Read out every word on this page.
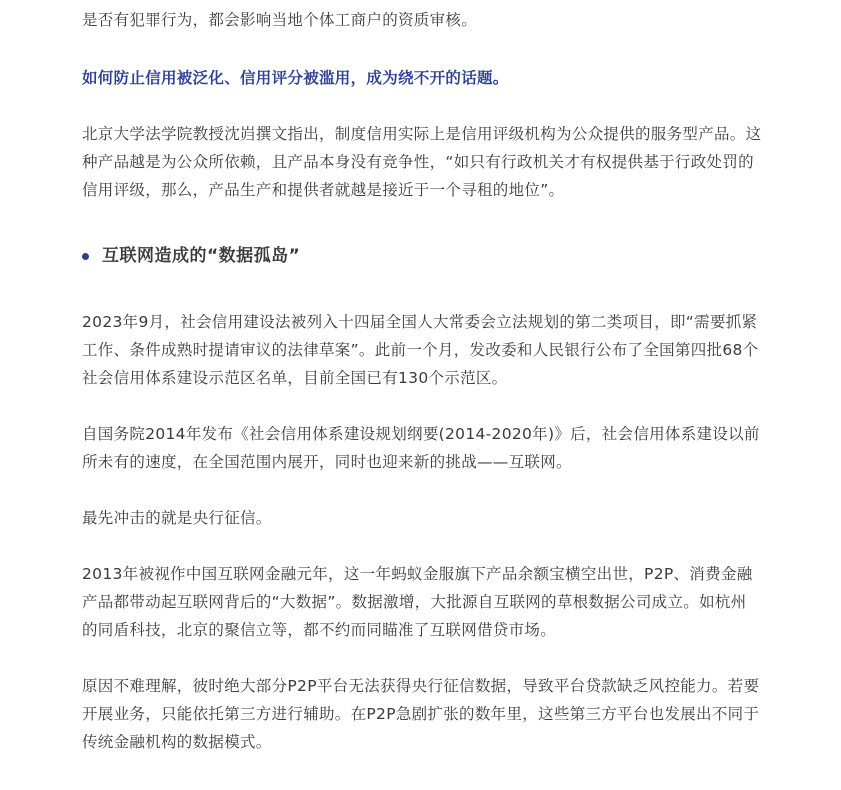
是否有犯罪行为，都会影响当地个体工商户的资质审核。

如何防止信用被泛化、信用评分被滥用，成为绕不开的话题。

北京大学法学院教授沈岿撰文指出，制度信用实际上是信用评级机构为公众提供的服务型产品。这种产品越是为公众所依赖，且产品本身没有竞争性，“如只有行政机关才有权提供基于行政处罚的信用评级，那么，产品生产和提供者就越是接近于一个寻租的地位”。

互联网造成的“数据孤岛”

2023年9月，社会信用建设法被列入十四届全国人大常委会立法规划的第二类项目，即“需要抓紧工作、条件成熟时提请审议的法律草案”。此前一个月，发改委和人民银行公布了全国第四批68个社会信用体系建设示范区名单，目前全国已有130个示范区。

自国务院2014年发布《社会信用体系建设规划纲要(2014-2020年)》后，社会信用体系建设以前所未有的速度，在全国范围内展开，同时也迎来新的挑战——互联网。

最先冲击的就是央行征信。

2013年被视作中国互联网金融元年，这一年蚂蚁金服旗下产品余额宝横空出世，P2P、消费金融产品都带动起互联网背后的“大数据”。数据激增，大批源自互联网的草根数据公司成立。如杭州的同盾科技，北京的聚信立等，都不约而同瞄准了互联网借贷市场。

原因不难理解，彼时绝大部分P2P平台无法获得央行征信数据，导致平台贷款缺乏风控能力。若要开展业务，只能依托第三方进行辅助。在P2P急剧扩张的数年里，这些第三方平台也发展出不同于传统金融机构的数据模式。
